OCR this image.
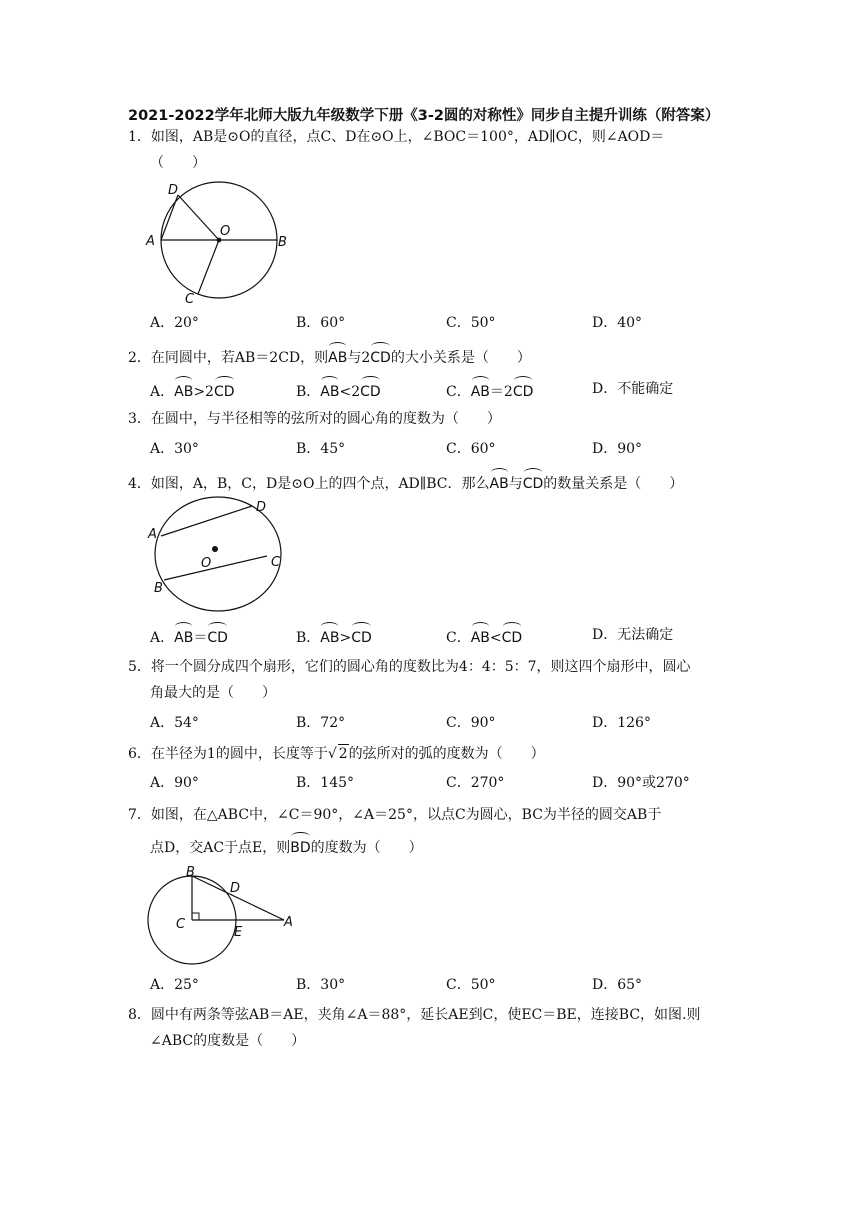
2021-2022学年北师大版九年级数学下册《3-2圆的对称性》同步自主提升训练（附答案）
1．如图，AB是⊙O的直径，点C、D在⊙O上，∠BOC＝100°，AD∥OC，则∠AOD＝
（　　）
A	B
C
D
O
A．20°	B．60°	C．50°	D．40°
2．在同圆中，若AB＝2CD，则AB与2CD的大小关系是（　　）
A．AB>2CD	B．AB<2CD	C．AB＝2CD	D．不能确定
3．在圆中，与半径相等的弦所对的圆心角的度数为（　　）
A．30°	B．45°	C．60°	D．90°
4．如图，A，B，C，D是⊙O上的四个点，AD∥BC．那么AB与CD的数量关系是（　　）
A
B
C
D
O
A．AB＝CD	B．AB>CD	C．AB<CD	D．无法确定
5．将一个圆分成四个扇形，它们的圆心角的度数比为4：4：5：7，则这四个扇形中，圆心
角最大的是（　　）
A．54°	B．72°	C．90°	D．126°
6．在半径为1的圆中，长度等于√ 2的弦所对的弧的度数为（　　）
A．90°	B．145°	C．270°	D．90°或270°
7．如图，在△ABC中，∠C＝90°，∠A＝25°，以点C为圆心，BC为半径的圆交AB于
点D，交AC于点E，则BD的度数为（　　）
B
D
C
E
A
A．25°	B．30°	C．50°	D．65°
8．圆中有两条等弦AB＝AE，夹角∠A＝88°，延长AE到C，使EC＝BE，连接BC，如图.则
∠ABC的度数是（　　）
